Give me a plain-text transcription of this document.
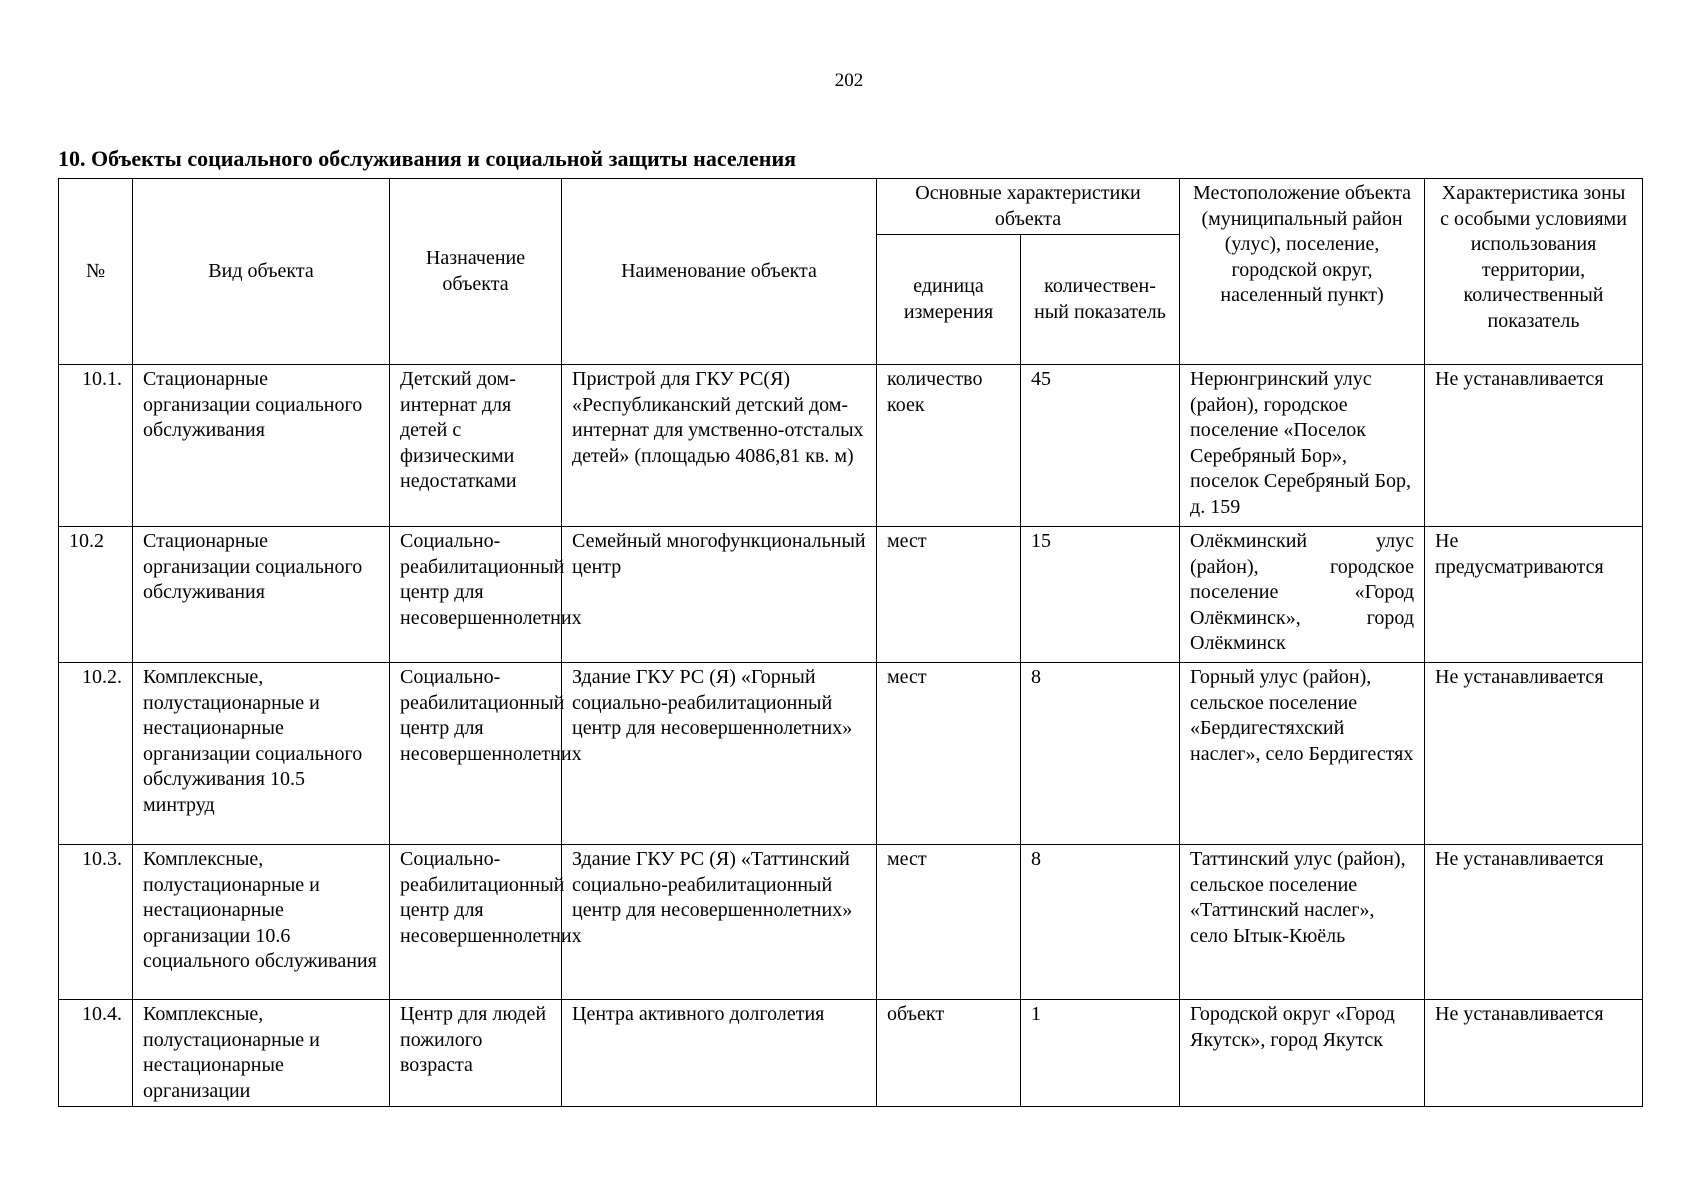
202
10. Объекты социального обслуживания и социальной защиты населения
№	Вид объекта	Назначение объекта	Наименование объекта	Основные характеристики объекта		Местоположение объекта (муниципальный район (улус), поселение, городской округ, населенный пункт)	Характеристика зоны с особыми условиями использования территории, количественный показатель
				единица измерения	количествен-ный показатель		
10.1.	Стационарные организации социального обслуживания	Детский дом-интернат для детей с физическими недостатками	Пристрой для ГКУ РС(Я) «Республиканский детский дом-интернат для умственно-отсталых детей» (площадью 4086,81 кв. м)	количество коек	45	Нерюнгринский улус (район), городское поселение «Поселок Серебряный Бор», поселок Серебряный Бор, д. 159	Не устанавливается
10.2	Стационарные организации социального обслуживания	Социально-реабилитационный центр для несовершеннолетних	Семейный многофункциональный центр	мест	15	Олёкминский улус (район), городское поселение «Город Олёкминск», город Олёкминск	Не предусматриваются
10.2.	Комплексные, полустационарные и нестационарные организации социального обслуживания 10.5 минтруд	Социально-реабилитационный центр для несовершеннолетних	Здание ГКУ РС (Я) «Горный социально-реабилитационный центр для несовершеннолетних»	мест	8	Горный улус (район), сельское поселение «Бердигестяхский наслег», село Бердигестях	Не устанавливается
10.3.	Комплексные, полустационарные и нестационарные организации 10.6 социального обслуживания	Социально-реабилитационный центр для несовершеннолетних	Здание ГКУ РС (Я) «Таттинский социально-реабилитационный центр для несовершеннолетних»	мест	8	Таттинский улус (район), сельское поселение «Таттинский наслег», село Ытык-Кюёль	Не устанавливается
10.4.	Комплексные, полустационарные и нестационарные организации	Центр для людей пожилого возраста	Центра активного долголетия	объект	1	Городской округ «Город Якутск», город Якутск	Не устанавливается
